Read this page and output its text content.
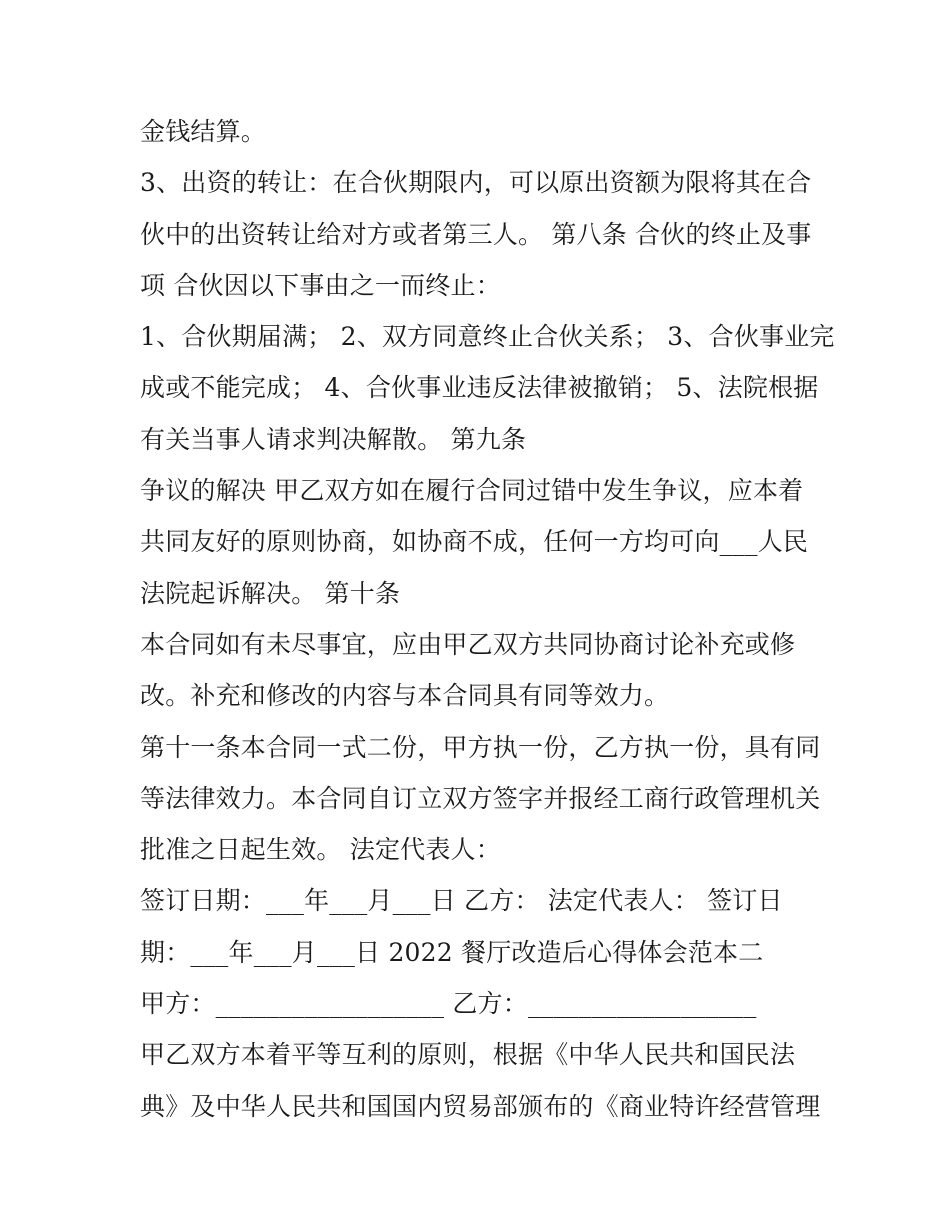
金钱结算。
3、出资的转让：在合伙期限内，可以原出资额为限将其在合
伙中的出资转让给对方或者第三人。 第八条 合伙的终止及事
项 合伙因以下事由之一而终止：
1、合伙期届满； 2、双方同意终止合伙关系； 3、合伙事业完
成或不能完成； 4、合伙事业违反法律被撤销； 5、法院根据
有关当事人请求判决解散。 第九条
争议的解决 甲乙双方如在履行合同过错中发生争议，应本着
共同友好的原则协商，如协商不成，任何一方均可向___人民
法院起诉解决。 第十条
本合同如有未尽事宜，应由甲乙双方共同协商讨论补充或修
改。补充和修改的内容与本合同具有同等效力。
第十一条本合同一式二份，甲方执一份，乙方执一份，具有同
等法律效力。本合同自订立双方签字并报经工商行政管理机关
批准之日起生效。 法定代表人：
签订日期：___年___月___日 乙方： 法定代表人： 签订日
期：___年___月___日 2022 餐厅改造后心得体会范本二
甲方：__________________ 乙方：__________________
甲乙双方本着平等互利的原则，根据《中华人民共和国民法
典》及中华人民共和国国内贸易部颁布的《商业特许经营管理
